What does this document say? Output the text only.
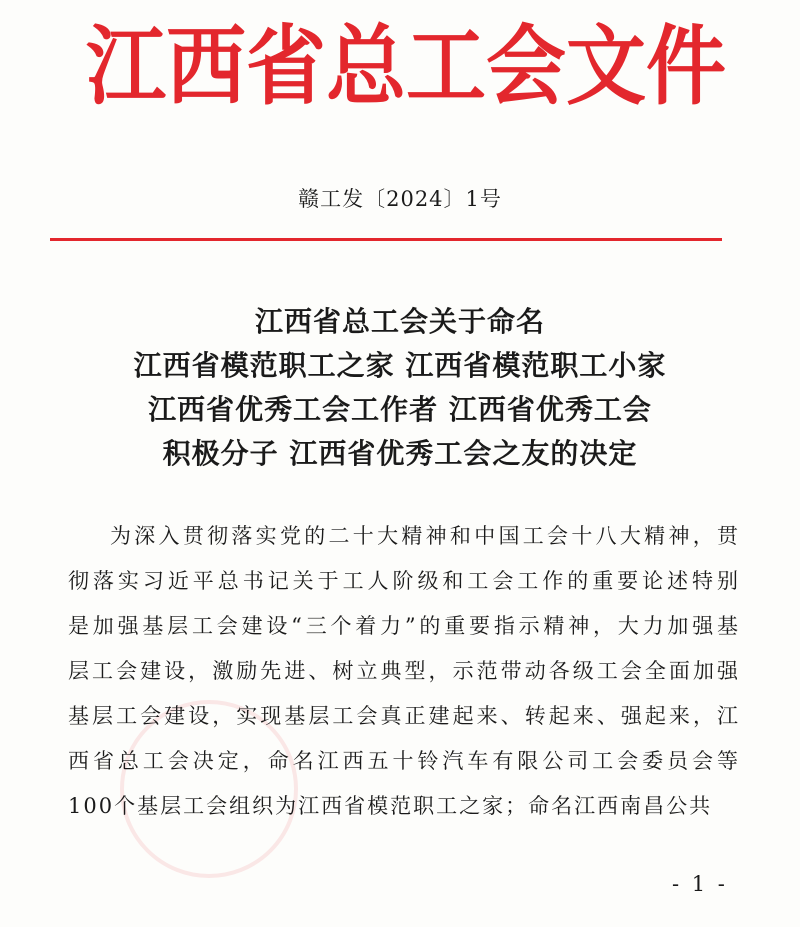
江 西 省 总 工 会 文 件
赣工发〔2024〕1号
江西省总工会关于命名
江西省模范职工之家 江西省模范职工小家
江西省优秀工会工作者 江西省优秀工会
积极分子 江西省优秀工会之友的决定
为深入贯彻落实党的二十大精神和中国工会十八大精神，贯
彻落实习近平总书记关于工人阶级和工会工作的重要论述特别
是加强基层工会建设“三个着力”的重要指示精神，大力加强基
层工会建设，激励先进、树立典型，示范带动各级工会全面加强
基层工会建设，实现基层工会真正建起来、转起来、强起来，江
西省总工会决定，命名江西五十铃汽车有限公司工会委员会等
100个基层工会组织为江西省模范职工之家；命名江西南昌公共
- 1 -
